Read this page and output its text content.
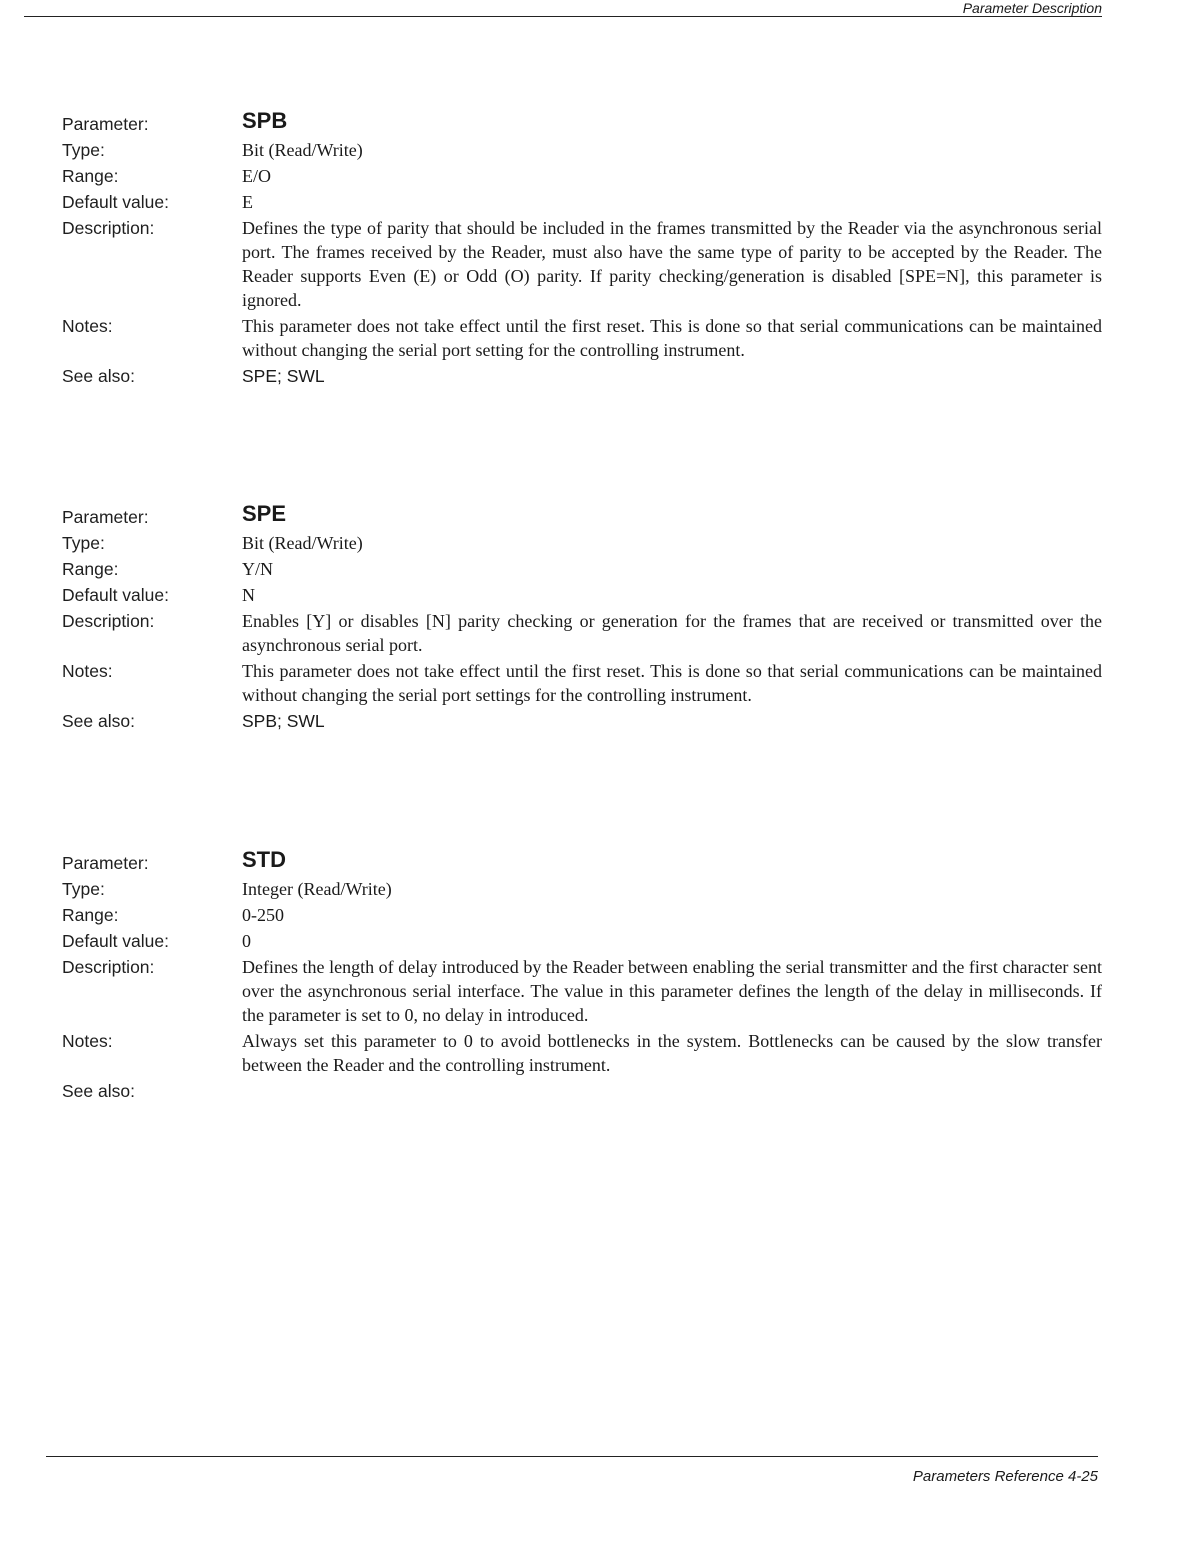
Parameter Description
Parameter:	SPB
Type:	Bit (Read/Write)
Range:	E/O
Default value:	E
Description:	Defines the type of parity that should be included in the frames transmitted by the Reader via the asynchronous serial port. The frames received by the Reader, must also have the same type of parity to be accepted by the Reader. The Reader supports Even (E) or Odd (O) parity. If parity checking/generation is disabled [SPE=N], this parameter is ignored.
Notes:	This parameter does not take effect until the first reset. This is done so that serial communications can be maintained without changing the serial port setting for the controlling instrument.
See also:	SPE; SWL
Parameter:	SPE
Type:	Bit (Read/Write)
Range:	Y/N
Default value:	N
Description:	Enables [Y] or disables [N] parity checking or generation for the frames that are received or transmitted over the asynchronous serial port.
Notes:	This parameter does not take effect until the first reset. This is done so that serial communications can be maintained without changing the serial port settings for the controlling instrument.
See also:	SPB; SWL
Parameter:	STD
Type:	Integer (Read/Write)
Range:	0-250
Default value:	0
Description:	Defines the length of delay introduced by the Reader between enabling the serial transmitter and the first character sent over the asynchronous serial interface. The value in this parameter defines the length of the delay in milliseconds. If the parameter is set to 0, no delay in introduced.
Notes:	Always set this parameter to 0 to avoid bottlenecks in the system. Bottlenecks can be caused by the slow transfer between the Reader and the controlling instrument.
See also:
Parameters Reference 4-25
